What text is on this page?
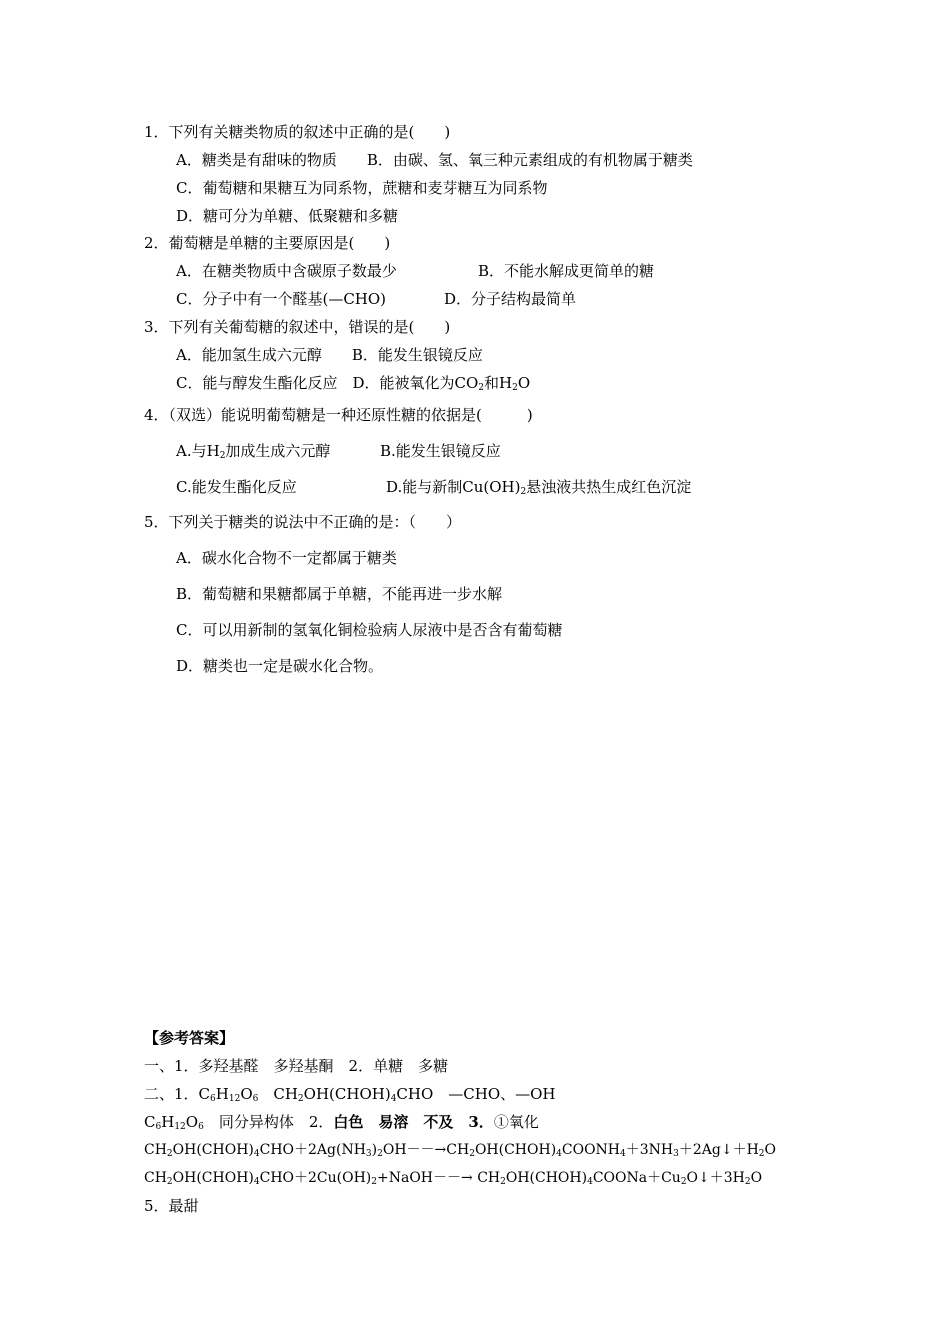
1．下列有关糖类物质的叙述中正确的是(　　)
A．糖类是有甜味的物质　　B．由碳、氢、氧三种元素组成的有机物属于糖类
C．葡萄糖和果糖互为同系物，蔗糖和麦芽糖互为同系物
D．糖可分为单糖、低聚糖和多糖
2．葡萄糖是单糖的主要原因是(　　)
A．在糖类物质中含碳原子数最少	B．不能水解成更简单的糖
C．分子中有一个醛基(—CHO)	D．分子结构最简单
3．下列有关葡萄糖的叙述中，错误的是(　　)
A．能加氢生成六元醇　　B．能发生银镜反应
C．能与醇发生酯化反应　D．能被氧化为$CO_2$和$H_2O$
4．（双选）能说明葡萄糖是一种还原性糖的依据是(　　　)
A.与$H_2$加成生成六元醇	B.能发生银镜反应
C.能发生酯化反应	D.能与新制$Cu(OH)_2$悬浊液共热生成红色沉淀
5．下列关于糖类的说法中不正确的是：（　　）
A．碳水化合物不一定都属于糖类
B．葡萄糖和果糖都属于单糖，不能再进一步水解
C．可以用新制的氢氧化铜检验病人尿液中是否含有葡萄糖
D．糖类也一定是碳水化合物。
【参考答案】
一、1．多羟基醛　多羟基酮　2．单糖　多糖
二、1．$C_6H_{12}O_6$　$CH_2OH(CHOH)_4CHO$　—CHO、—OH
$C_6H_{12}O_6$　同分异构体　2．白色　易溶　不及　3．①氧化
$CH_2OH(CHOH)_4CHO+2Ag(NH_3)_2OH--\to CH_2OH(CHOH)_4COONH_4+3NH_3+2Ag↓+H_2O$
$CH_2OH(CHOH)_4CHO+2Cu(OH)_2+NaOH--\to$ $CH_2OH(CHOH)_4COONa+Cu_2O↓+3H_2O$
5．最甜
